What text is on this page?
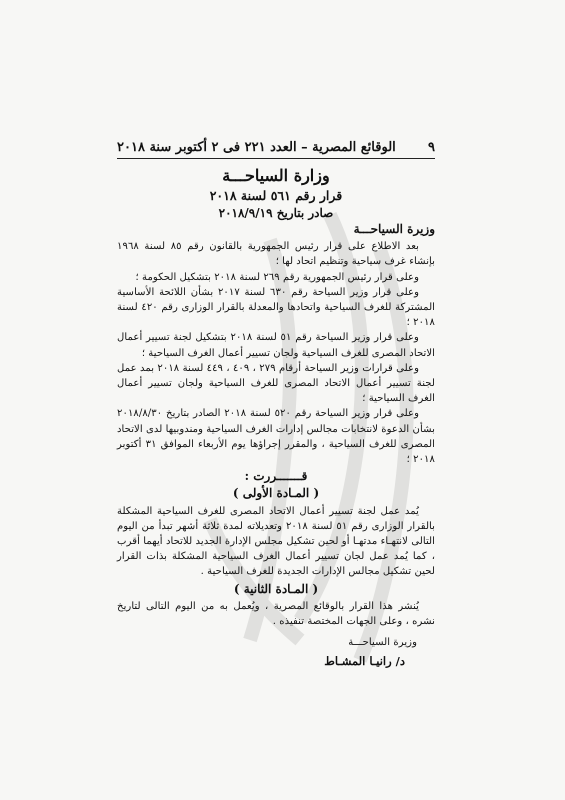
الوقائع المصرية – العدد ٢٢١ فى ٢ أكتوبر سنة ٢٠١٨ ٩
وزارة السياحـــة
قرار رقم ٥٦١ لسنة ٢٠١٨
صادر بتاريخ ٢٠١٨/٩/١٩

وزيرة السياحـــة

بعد الاطلاع على قرار رئيس الجمهورية بالقانون رقم ٨٥ لسنة ١٩٦٨ بإنشاء غرف سياحية وتنظيم اتحاد لها ؛

وعلى قرار رئيس الجمهورية رقم ٢٦٩ لسنة ٢٠١٨ بتشكيل الحكومة ؛

وعلى قرار وزير السياحة رقم ٦٣٠ لسنة ٢٠١٧ بشأن اللائحة الأساسية المشتركة للغرف السياحية واتحادها والمعدلة بالقرار الوزارى رقم ٤٢٠ لسنة ٢٠١٨ ؛

وعلى قرار وزير السياحة رقم ٥١ لسنة ٢٠١٨ بتشكيل لجنة تسيير أعمال الاتحاد المصرى للغرف السياحية ولجان تسيير أعمال الغرف السياحية ؛

وعلى قرارات وزير السياحة أرقام ٢٧٩ ، ٤٠٩ ، ٤٤٩ لسنة ٢٠١٨ بمد عمل لجنة تسيير أعمال الاتحاد المصرى للغرف السياحية ولجان تسيير أعمال الغرف السياحية ؛

وعلى قرار وزير السياحة رقم ٥٢٠ لسنة ٢٠١٨ الصادر بتاريخ ٢٠١٨/٨/٣٠ بشأن الدعوة لانتخابات مجالس إدارات الغرف السياحية ومندوبيها لدى الاتحاد المصرى للغرف السياحية ، والمقرر إجراؤها يوم الأربعاء الموافق ٣١ أكتوبر ٢٠١٨ ؛

قـــــــررت :

( المـادة الأولى )

يُمد عمل لجنة تسيير أعمال الاتحاد المصرى للغرف السياحية المشكلة بالقرار الوزارى رقم ٥١ لسنة ٢٠١٨ وتعديلاته لمدة ثلاثة أشهر تبدأ من اليوم التالى لانتهـاء مدتهـا أو لحين تشكيل مجلس الإدارة الجديد للاتحاد أيهما أقرب ، كما يُمد عمل لجان تسيير أعمال الغرف السياحية المشكلة بذات القرار لحين تشكيل مجالس الإدارات الجديدة للغرف السياحية .

( المـادة الثانية )

يُنشر هذا القرار بالوقائع المصرية ، ويُعمل به من اليوم التالى لتاريخ نشره ، وعلى الجهات المختصة تنفيذه .

وزيرة السياحـــة

د/ رانيـا المشـاط
